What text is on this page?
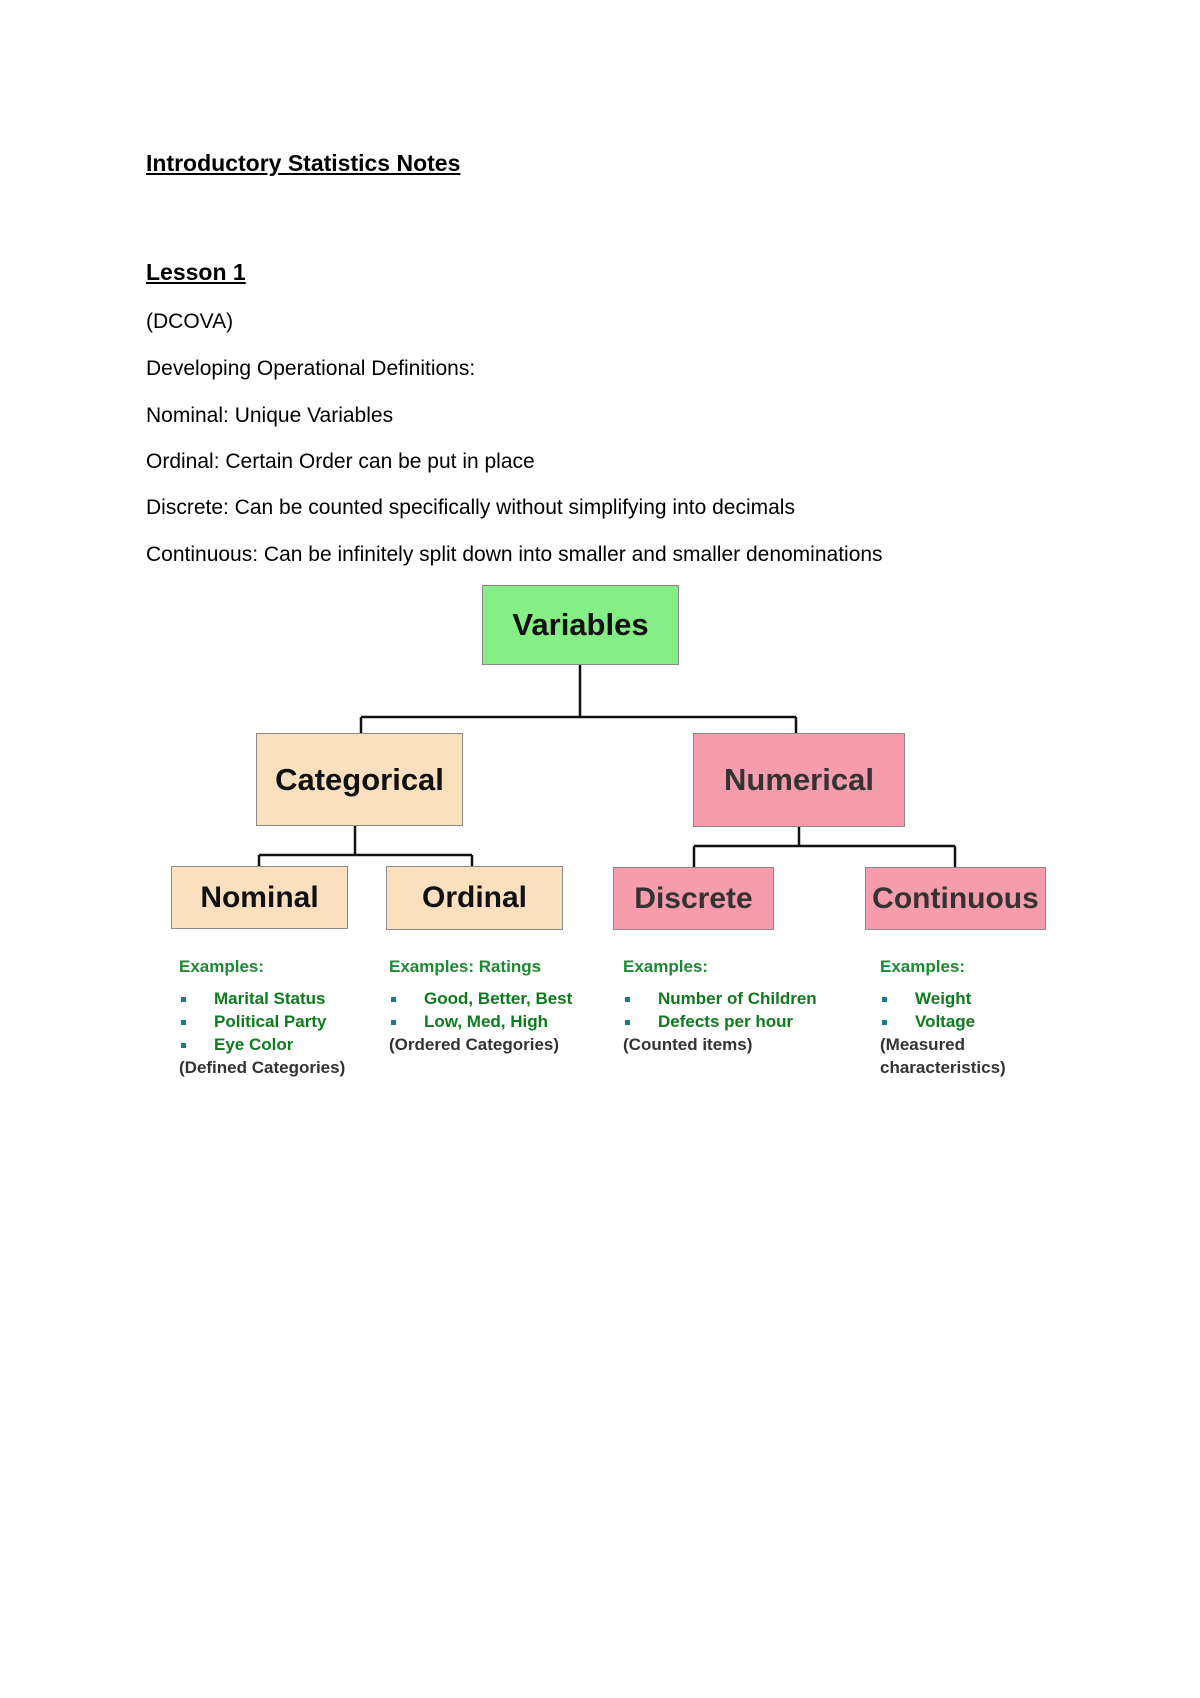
Introductory Statistics Notes
Lesson 1

(DCOVA)

Developing Operational Definitions:

Nominal: Unique Variables

Ordinal: Certain Order can be put in place

Discrete: Can be counted specifically without simplifying into decimals

Continuous: Can be infinitely split down into smaller and smaller denominations

Variables
Categorical	Numerical
Nominal	Ordinal	Discrete	Continuous
Examples:
Marital Status
Political Party
Eye Color
(Defined Categories)
Examples: Ratings
Good, Better, Best
Low, Med, High
(Ordered Categories)
Examples:
Number of Children
Defects per hour
(Counted items)
Examples:
Weight
Voltage
(Measured
characteristics)
